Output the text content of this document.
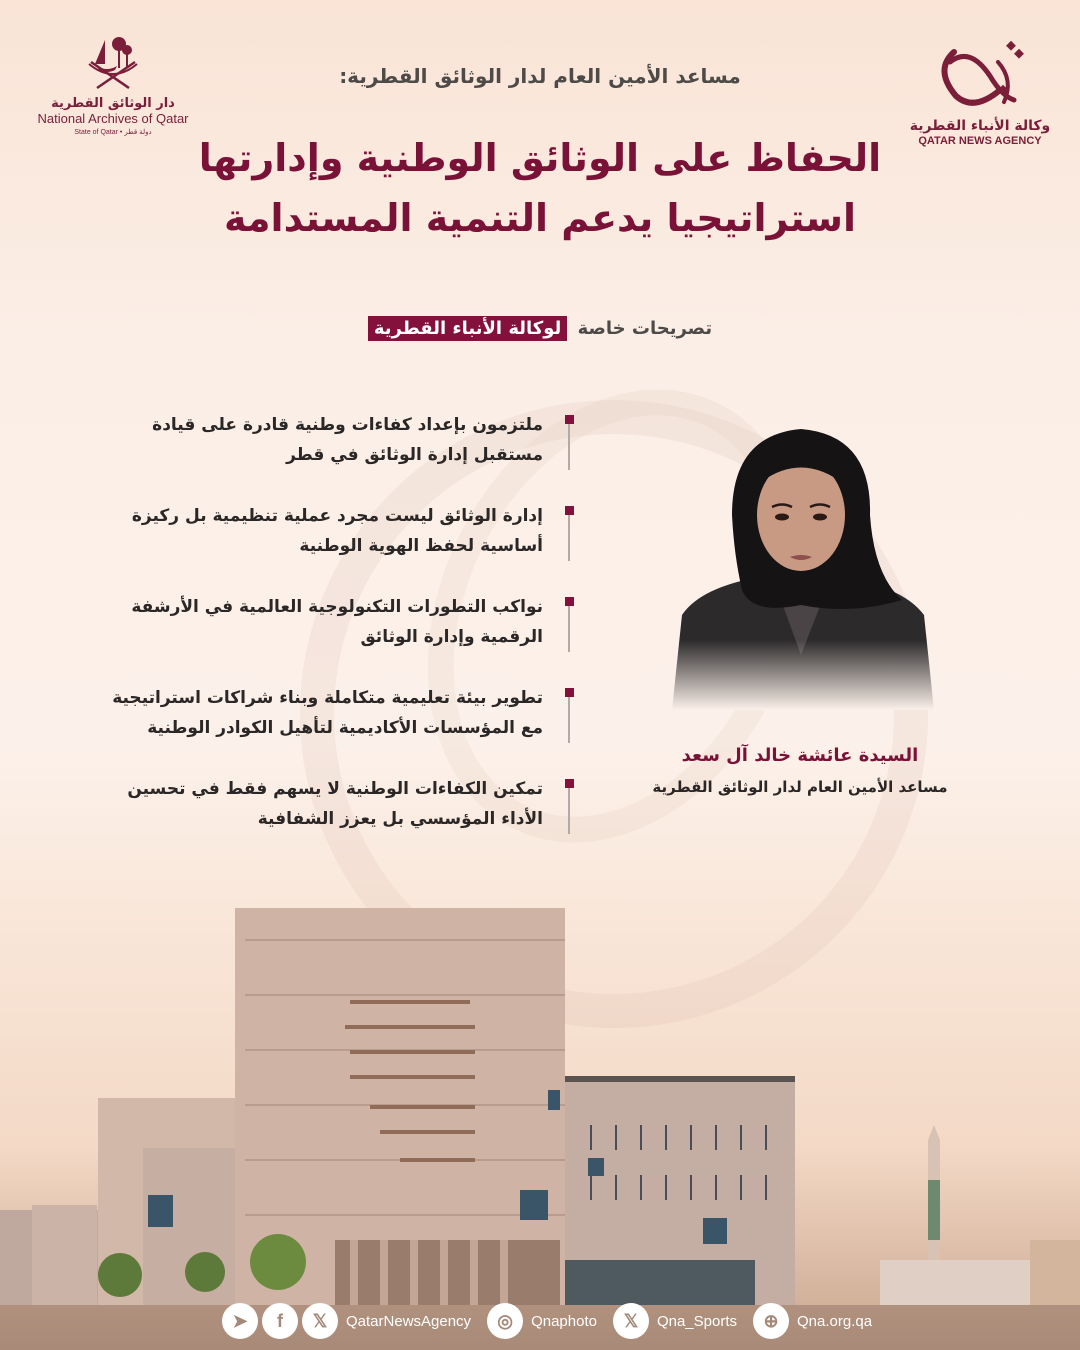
دار الوثائق القطرية
National Archives of Qatar
State of Qatar • دولة قطر	وكالة الأنباء القطرية
QATAR NEWS AGENCY
مساعد الأمين العام لدار الوثائق القطرية:
الحفاظ على الوثائق الوطنية وإدارتها
استراتيجيا يدعم التنمية المستدامة
تصريحات خاصة لوكالة الأنباء القطرية
ملتزمون بإعداد كفاءات وطنية قادرة على قيادة
مستقبل إدارة الوثائق في قطر
إدارة الوثائق ليست مجرد عملية تنظيمية بل ركيزة
أساسية لحفظ الهوية الوطنية
نواكب التطورات التكنولوجية العالمية في الأرشفة
الرقمية وإدارة الوثائق
تطوير بيئة تعليمية متكاملة وبناء شراكات استراتيجية
مع المؤسسات الأكاديمية لتأهيل الكوادر الوطنية
تمكين الكفاءات الوطنية لا يسهم فقط في تحسين
الأداء المؤسسي بل يعزز الشفافية
السيدة عائشة خالد آل سعد
مساعد الأمين العام لدار الوثائق القطرية
➤	f	𝕏	QatarNewsAgency	◎	Qnaphoto	𝕏	Qna_Sports	⊕	Qna.org.qa
